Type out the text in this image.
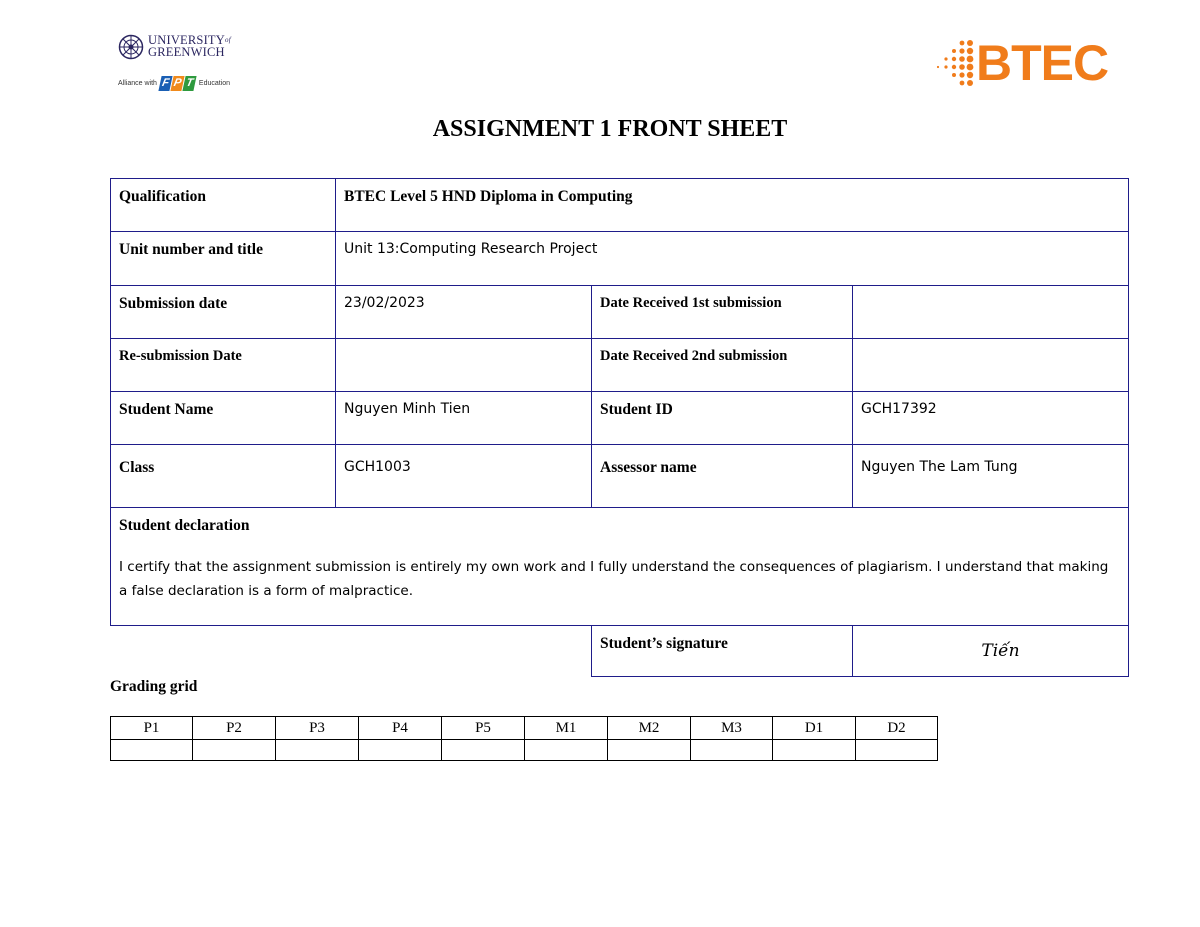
$UNIVERSITY^{of}$
GREENWICH
Alliance with F P T Education	BTEC
ASSIGNMENT 1 FRONT SHEET
Qualification	BTEC Level 5 HND Diploma in Computing		
Unit number and title	Unit 13:Computing Research Project		
Submission date	23/02/2023	Date Received 1st submission	
Re-submission Date		Date Received 2nd submission	
Student Name	Nguyen Minh Tien	Student ID	GCH17392
Class	GCH1003	Assessor name	Nguyen The Lam Tung

Student declaration
I certify that the assignment submission is entirely my own work and I fully understand the consequences of plagiarism. I understand that making a false declaration is a form of malpractice.			

		Student’s signature	Tiến
Grading grid
P1	P2	P3	P4	P5	M1	M2	M3	D1	D2
